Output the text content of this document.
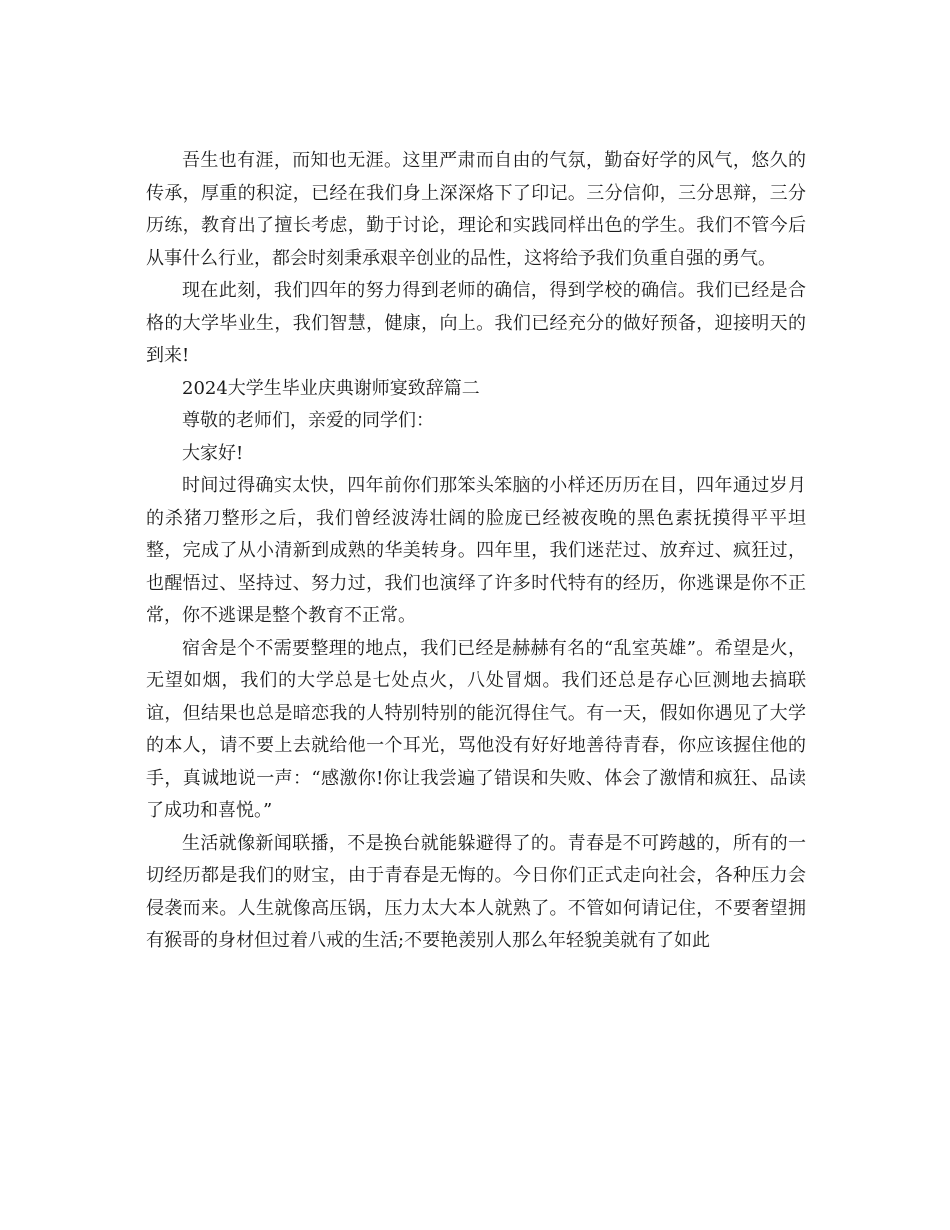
吾生也有涯，而知也无涯。这里严肃而自由的气氛，勤奋好学的风气，悠久的传承，厚重的积淀，已经在我们身上深深烙下了印记。三分信仰，三分思辩，三分历练，教育出了擅长考虑，勤于讨论，理论和实践同样出色的学生。我们不管今后从事什么行业，都会时刻秉承艰辛创业的品性，这将给予我们负重自强的勇气。

现在此刻，我们四年的努力得到老师的确信，得到学校的确信。我们已经是合格的大学毕业生，我们智慧，健康，向上。我们已经充分的做好预备，迎接明天的到来!

2024大学生毕业庆典谢师宴致辞篇二

尊敬的老师们，亲爱的同学们：

大家好!

时间过得确实太快，四年前你们那笨头笨脑的小样还历历在目，四年通过岁月的杀猪刀整形之后，我们曾经波涛壮阔的脸庞已经被夜晚的黑色素抚摸得平平坦整，完成了从小清新到成熟的华美转身。四年里，我们迷茫过、放弃过、疯狂过，也醒悟过、坚持过、努力过，我们也演绎了许多时代特有的经历，你逃课是你不正常，你不逃课是整个教育不正常。

宿舍是个不需要整理的地点，我们已经是赫赫有名的“乱室英雄”。希望是火，无望如烟，我们的大学总是七处点火，八处冒烟。我们还总是存心叵测地去搞联谊，但结果也总是暗恋我的人特别特别的能沉得住气。有一天，假如你遇见了大学的本人，请不要上去就给他一个耳光，骂他没有好好地善待青春，你应该握住他的手，真诚地说一声：“感激你!你让我尝遍了错误和失败、体会了激情和疯狂、品读了成功和喜悦。”

生活就像新闻联播，不是换台就能躲避得了的。青春是不可跨越的，所有的一切经历都是我们的财宝，由于青春是无悔的。今日你们正式走向社会，各种压力会侵袭而来。人生就像高压锅，压力太大本人就熟了。不管如何请记住，不要奢望拥有猴哥的身材但过着八戒的生活;不要艳羡别人那么年轻貌美就有了如此
